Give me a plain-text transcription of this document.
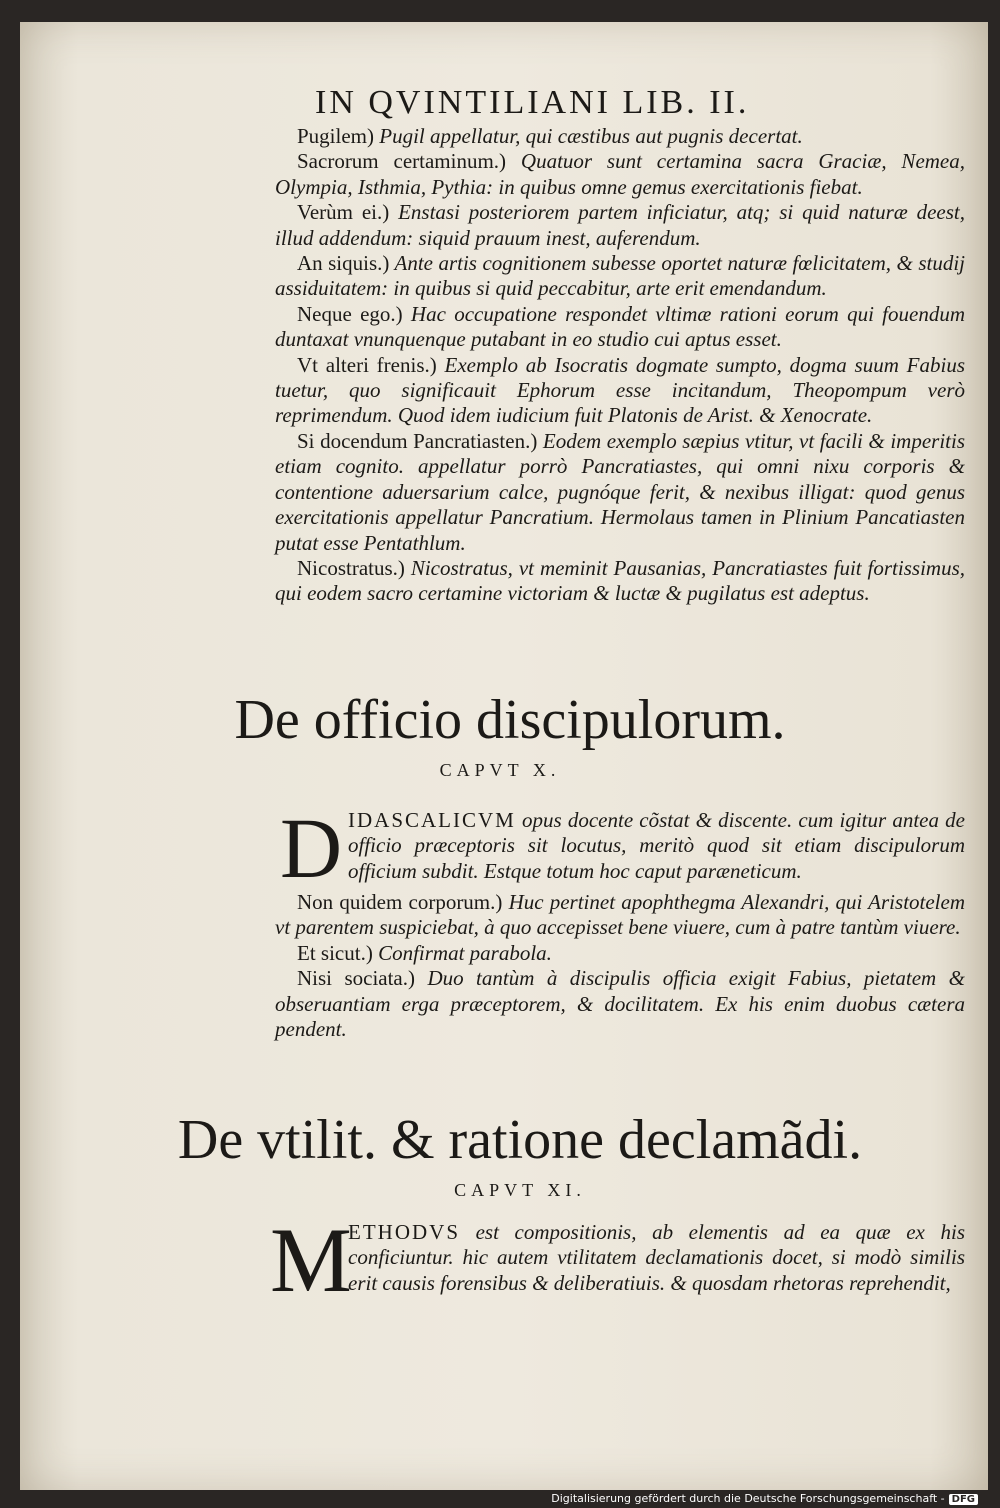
IN QVINTILIANI LIB. II.
Pugilem) Pugil appellatur, qui cæstibus aut pugnis decertat.
Sacrorum certaminum.) Quatuor sunt certamina sacra Graciæ, Nemea, Olympia, Isthmia, Pythia: in quibus omne gemus exercitationis fiebat.
Verùm ei.) Enstasi posteriorem partem inficiatur, atq; si quid naturæ deest, illud addendum: siquid prauum inest, auferendum.
An siquis.) Ante artis cognitionem subesse oportet naturæ fœlicitatem, & studij assiduitatem: in quibus si quid peccabitur, arte erit emendandum.
Neque ego.) Hac occupatione respondet vltimæ rationi eorum qui fouendum duntaxat vnunquenque putabant in eo studio cui aptus esset.
Vt alteri frenis.) Exemplo ab Isocratis dogmate sumpto, dogma suum Fabius tuetur, quo significauit Ephorum esse incitandum, Theopompum verò reprimendum. Quod idem iudicium fuit Platonis de Arist. & Xenocrate.
Si docendum Pancratiasten.) Eodem exemplo sæpius vtitur, vt facili & imperitis etiam cognito. appellatur porrò Pancratiastes, qui omni nixu corporis & contentione aduersarium calce, pugnóque ferit, & nexibus illigat: quod genus exercitationis appellatur Pancratium. Hermolaus tamen in Plinium Pancatiasten putat esse Pentathlum.
Nicostratus.) Nicostratus, vt meminit Pausanias, Pancratiastes fuit fortissimus, qui eodem sacro certamine victoriam & luctæ & pugilatus est adeptus.
De officio discipulorum.
CAPVT X.
D IDASCALICVM opus docente cõstat & discente. cum igitur antea de officio præceptoris sit locutus, meritò quod sit etiam discipulorum officium subdit. Estque totum hoc caput paræneticum.
Non quidem corporum.) Huc pertinet apophthegma Alexandri, qui Aristotelem vt parentem suspiciebat, à quo accepisset bene viuere, cum à patre tantùm viuere.
Et sicut.) Confirmat parabola.
Nisi sociata.) Duo tantùm à discipulis officia exigit Fabius, pietatem & obseruantiam erga præceptorem, & docilitatem. Ex his enim duobus cætera pendent.
De vtilit. & ratione declamãdi.
CAPVT XI.
M
ETHODVS est compositionis, ab elementis ad ea quæ ex his conficiuntur. hic autem vtilitatem declamationis docet, si modò similis erit causis forensibus & deliberatiuis. & quosdam rhetoras reprehendit,
Digitalisierung gefördert durch die Deutsche Forschungsgemeinschaft - DFG
